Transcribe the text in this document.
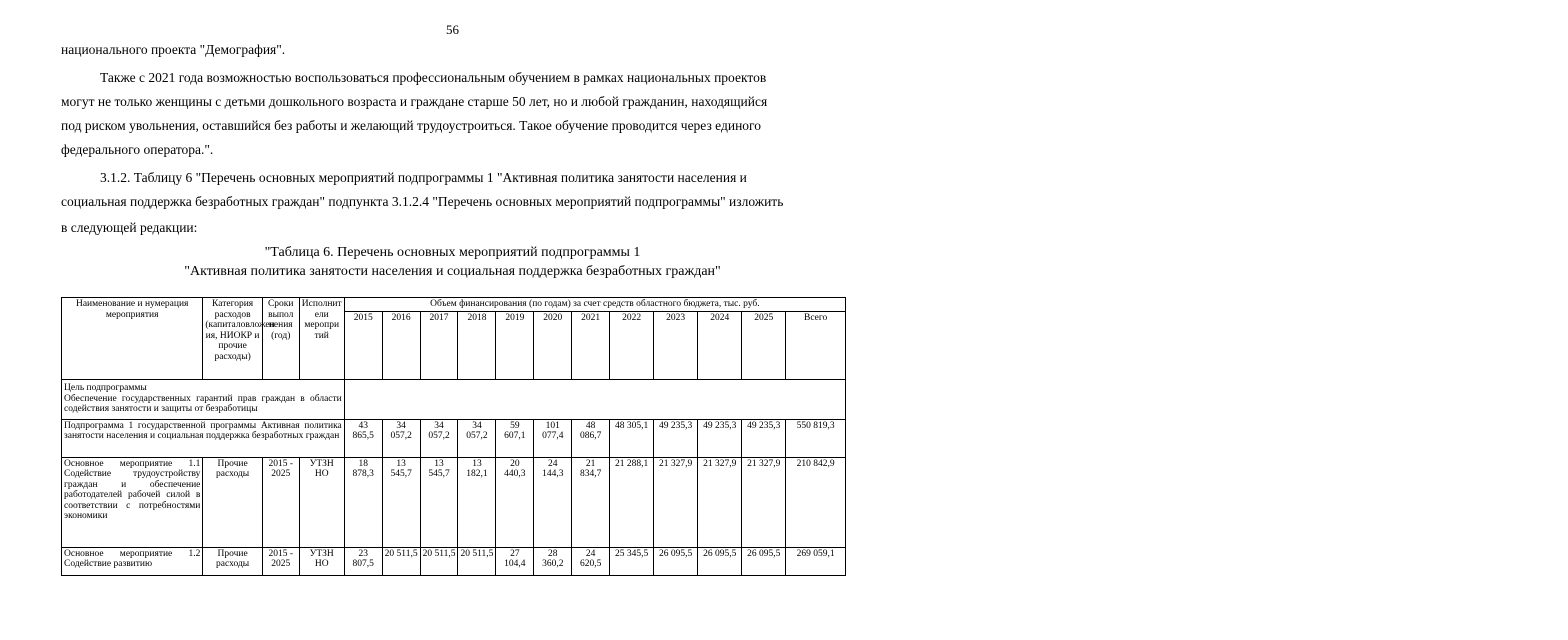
56
национального проекта "Демография".
Также с 2021 года возможностью воспользоваться профессиональным обучением в рамках национальных проектов
могут не только женщины с детьми дошкольного возраста и граждане старше 50 лет, но и любой гражданин, находящийся
под риском увольнения, оставшийся без работы и желающий трудоустроиться. Такое обучение проводится через единого
федерального оператора.".
3.1.2. Таблицу 6 "Перечень основных мероприятий подпрограммы 1 "Активная политика занятости населения и
социальная поддержка безработных граждан" подпункта 3.1.2.4 "Перечень основных мероприятий подпрограммы" изложить
в следующей редакции:
"Таблица 6. Перечень основных мероприятий подпрограммы 1
"Активная политика занятости населения и социальная поддержка безработных граждан"
Наименование и нумерация мероприятия	Категория расходов (капиталовложен ия, НИОКР и прочие расходы)	Сроки выпол нения (год)	Исполнит ели меропри тий	Объем финансирования (по годам) за счет средств областного бюджета, тыс. руб.											
				2015	2016	2017	2018	2019	2020	2021	2022	2023	2024	2025	Всего

Цель подпрограммы
Обеспечение государственных гарантий прав граждан в области содействия занятости и защиты от безработицы															

Подпрограмма 1 государственной программы Активная политика занятости населения и социальная поддержка безработных граждан				43 865,5	34 057,2	34 057,2	34 057,2	59 607,1	101 077,4	48 086,7	48 305,1	49 235,3	49 235,3	49 235,3	550 819,3
Основное мероприятие 1.1 Содействие трудоустройству граждан и обеспечение работодателей рабочей силой в соответствии с потребностями экономики	Прочие расходы	2015 - 2025	УТЗН НО	18 878,3	13 545,7	13 545,7	13 182,1	20 440,3	24 144,3	21 834,7	21 288,1	21 327,9	21 327,9	21 327,9	210 842,9
Основное мероприятие 1.2 Содействие развитию	Прочие расходы	2015 - 2025	УТЗН НО	23 807,5	20 511,5	20 511,5	20 511,5	27 104,4	28 360,2	24 620,5	25 345,5	26 095,5	26 095,5	26 095,5	269 059,1
